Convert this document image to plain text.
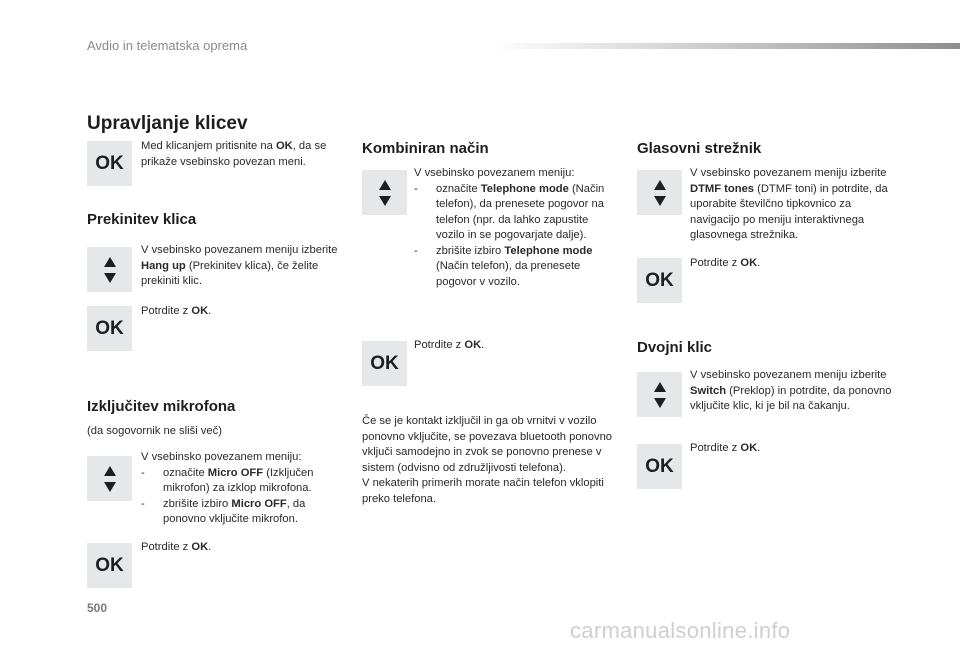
Avdio in telematska oprema
Upravljanje klicev
OK
Med klicanjem pritisnite na OK, da se prikaže vsebinsko povezan meni.
Prekinitev klica
V vsebinsko povezanem meniju izberite Hang up (Prekinitev klica), če želite prekiniti klic.
OK
Potrdite z OK.
Izključitev mikrofona
(da sogovornik ne sliši več)
V vsebinsko povezanem meniju:
-	označite Micro OFF (Izključen mikrofon) za izklop mikrofona.
-	zbrišite izbiro Micro OFF, da ponovno vključite mikrofon.
OK
Potrdite z OK.
Kombiniran način
V vsebinsko povezanem meniju:
-	označite Telephone mode (Način telefon), da prenesete pogovor na telefon (npr. da lahko zapustite vozilo in se pogovarjate dalje).
-	zbrišite izbiro Telephone mode (Način telefon), da prenesete pogovor v vozilo.
OK
Potrdite z OK.
Če se je kontakt izključil in ga ob vrnitvi v vozilo ponovno vključite, se povezava bluetooth ponovno vključi samodejno in zvok se ponovno prenese v sistem (odvisno od združljivosti telefona).
V nekaterih primerih morate način telefon vklopiti preko telefona.
Glasovni strežnik
V vsebinsko povezanem meniju izberite DTMF tones (DTMF toni) in potrdite, da uporabite številčno tipkovnico za navigacijo po meniju interaktivnega glasovnega strežnika.
OK
Potrdite z OK.
Dvojni klic
V vsebinsko povezanem meniju izberite Switch (Preklop) in potrdite, da ponovno vključite klic, ki je bil na čakanju.
OK
Potrdite z OK.
500
carmanualsonline.info
